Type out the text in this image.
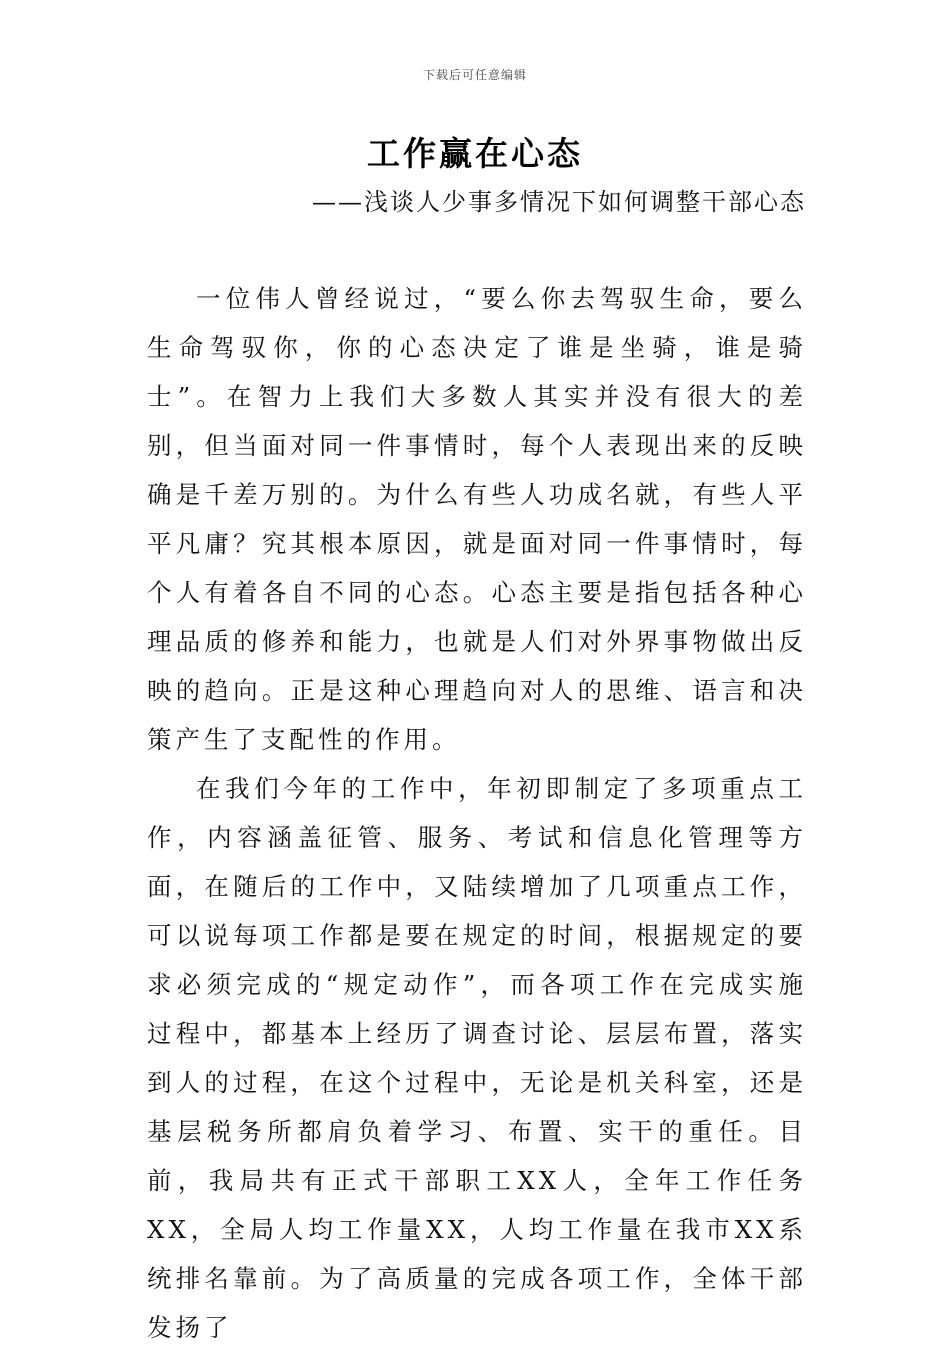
下载后可任意编辑
工作赢在心态
——浅谈人少事多情况下如何调整干部心态

一位伟人曾经说过，“要么你去驾驭生命，要么生命驾驭你，你的心态决定了谁是坐骑，谁是骑士”。在智力上我们大多数人其实并没有很大的差别，但当面对同一件事情时，每个人表现出来的反映确是千差万别的。为什么有些人功成名就，有些人平平凡庸？究其根本原因，就是面对同一件事情时，每个人有着各自不同的心态。心态主要是指包括各种心理品质的修养和能力，也就是人们对外界事物做出反映的趋向。正是这种心理趋向对人的思维、语言和决策产生了支配性的作用。

在我们今年的工作中，年初即制定了多项重点工作，内容涵盖征管、服务、考试和信息化管理等方面，在随后的工作中，又陆续增加了几项重点工作，可以说每项工作都是要在规定的时间，根据规定的要求必须完成的“规定动作”，而各项工作在完成实施过程中，都基本上经历了调查讨论、层层布置，落实到人的过程，在这个过程中，无论是机关科室，还是基层税务所都肩负着学习、布置、实干的重任。目前，我局共有正式干部职工XX人，全年工作任务XX，全局人均工作量XX，人均工作量在我市XX系统排名靠前。为了高质量的完成各项工作，全体干部发扬了
